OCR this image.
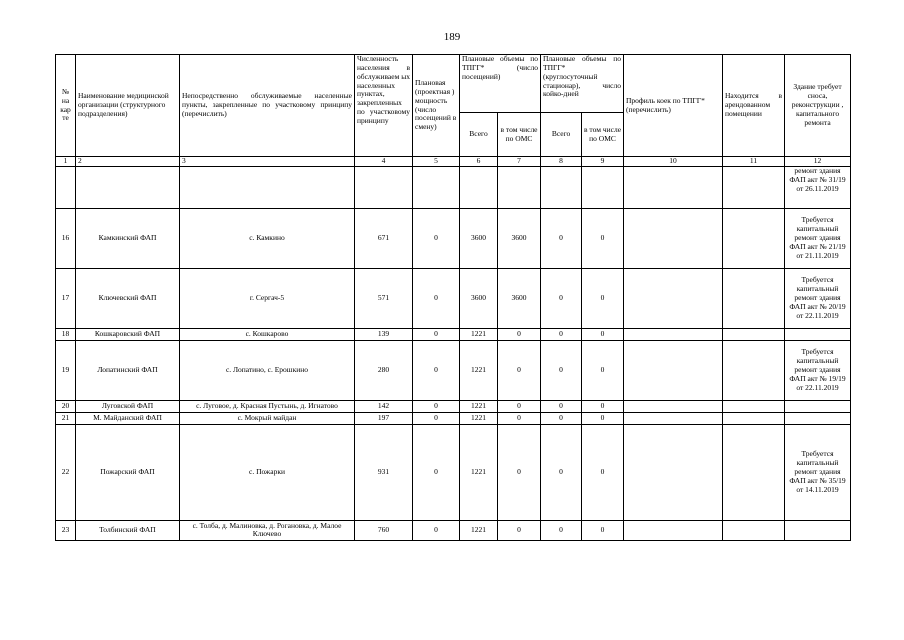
189
№ на кар те	Наименование медицинской организации (структурного подразделения)	Непосредственно обслуживаемые населенные пункты, закрепленные по участковому принципу (перечислить)	Численность населения в обслуживаем ых населенных пунктах, закрепленных по участковому принципу	Плановая (проектная ) мощность (число посещений в смену)	Плановые объемы по ТПГГ* (число посещений)		Плановые объемы по ТПГГ* (круглосуточный стационар), число койко-дней		Профиль коек по ТПГГ* (перечислить)	Находится в арендованном помещении	Здание требует сноса, реконструкции , капитального ремонта
					Всего	в том числе по ОМС	Всего	в том числе по ОМС			
1	2	3	4	5	6	7	8	9	10	11	12
											ремонт здания ФАП акт № 31/19 от 26.11.2019
16	Камкинский ФАП	с. Камкино	671	0	3600	3600	0	0			Требуется капитальный ремонт здания ФАП акт № 21/19 от 21.11.2019
17	Ключевский ФАП	г. Сергач-5	571	0	3600	3600	0	0			Требуется капитальный ремонт здания ФАП акт № 20/19 от 22.11.2019
18	Кошкаровский ФАП	с. Кошкарово	139	0	1221	0	0	0			
19	Лопатинский ФАП	с. Лопатино, с. Ерошкино	280	0	1221	0	0	0			Требуется капитальный ремонт здания ФАП акт № 19/19 от 22.11.2019
20	Луговской ФАП	с. Луговое, д. Красная Пустынь, д. Игнатово	142	0	1221	0	0	0			
21	М. Майданский ФАП	с. Мокрый майдан	197	0	1221	0	0	0			
22	Пожарский ФАП	с. Пожарки	931	0	1221	0	0	0			Требуется капитальный ремонт здания ФАП акт № 35/19 от 14.11.2019
23	Толбинский ФАП	с. Толба, д. Малиновка, д. Рогановка, д. Малое Ключево	760	0	1221	0	0	0			
